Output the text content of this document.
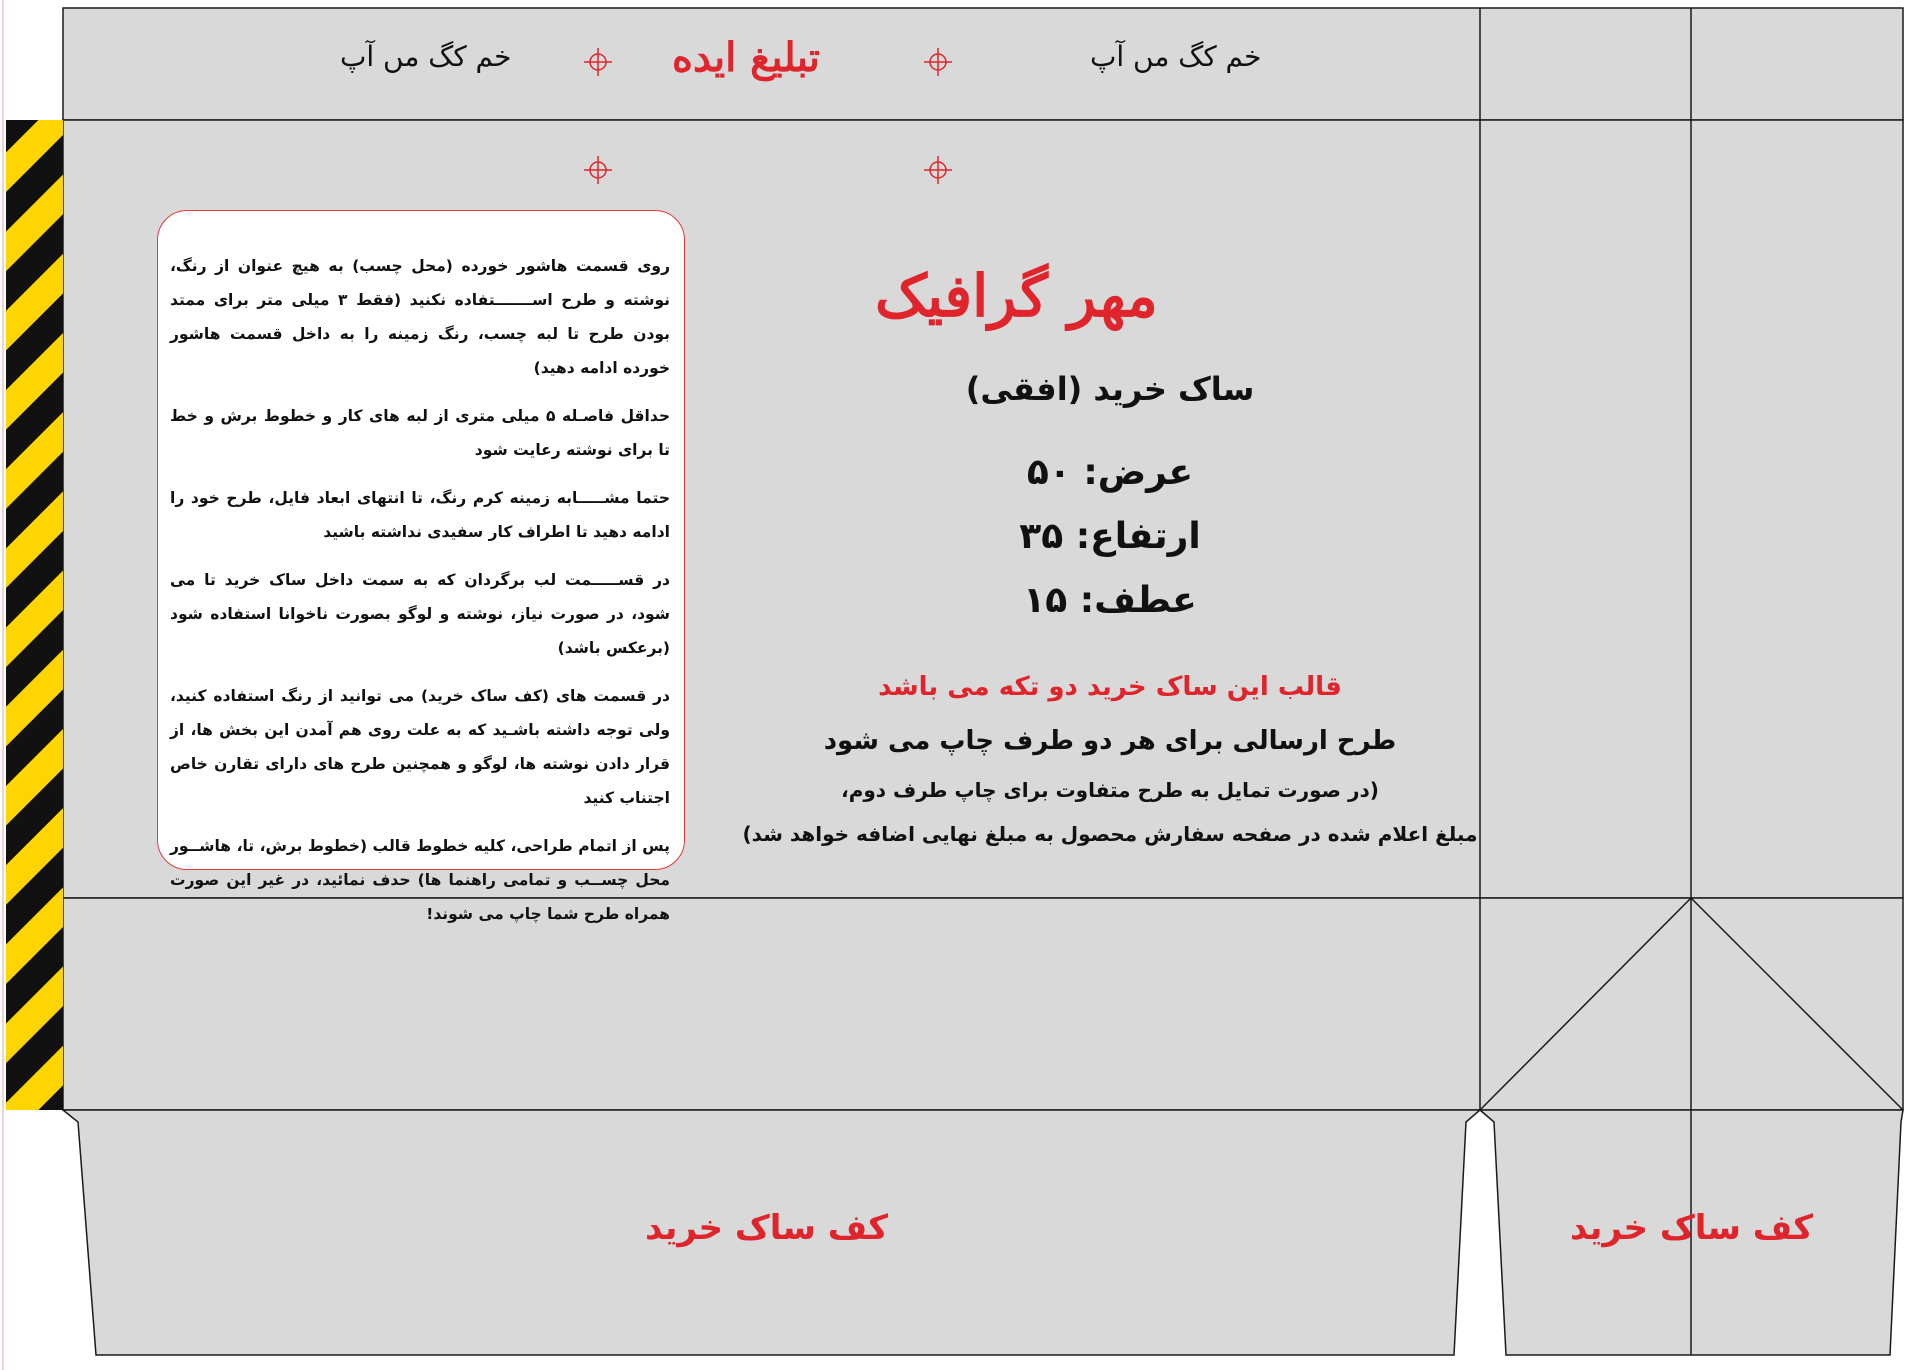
خم ﮐﮓ ﻣﮟ ﺁﭖ	خم ﮐﮓ ﻣﮟ ﺁﭖ
تبلیغ ایده

روی قسمت هاشور خورده (محل چسب) به هیچ عنوان از رنگ، نوشته و طرح اســـــــتفاده نکنید (فقط ۳ میلی متر برای ممتد بودن طرح تا لبه چسب، رنگ زمینه را به داخل قسمت هاشور خورده ادامه دهید)

حداقل فاصـله ۵ میلی متری از لبه های کار و خطوط برش و خط تا برای نوشته رعایت شود

حتما مشـــــابه زمینه کرم رنگ، تا انتهای ابعاد فایل، طرح خود را ادامه دهید تا اطراف کار سفیدی نداشته باشید

در قســـــمت لب برگردان که به سمت داخل ساک خرید تا می شود، در صورت نیاز، نوشته و لوگو بصورت ناخوانا استفاده شود (برعکس باشد)

در قسمت های (کف ساک خرید) می توانید از رنگ استفاده کنید، ولی توجه داشته باشـید که به علت روی هم آمدن این بخش ها، از قرار دادن نوشته ها، لوگو و همچنین طرح های دارای تقارن خاص اجتناب کنید

پس از اتمام طراحی، کلیه خطوط قالب (خطوط برش، تا، هاشــور محل چســب و تمامی راهنما ها) حدف نمائید، در غیر این صورت همراه طرح شما چاپ می شوند!

مهر گرافیک
ساک خرید (افقی)
عرض: ۵۰
ارتفاع: ۳۵
عطف: ۱۵
قالب این ساک خرید دو تکه می باشد
طرح ارسالی برای هر دو طرف چاپ می شود
(در صورت تمایل به طرح متفاوت برای چاپ طرف دوم،
مبلغ اعلام شده در صفحه سفارش محصول به مبلغ نهایی اضافه خواهد شد)
کف ساک خرید	کف ساک خرید
